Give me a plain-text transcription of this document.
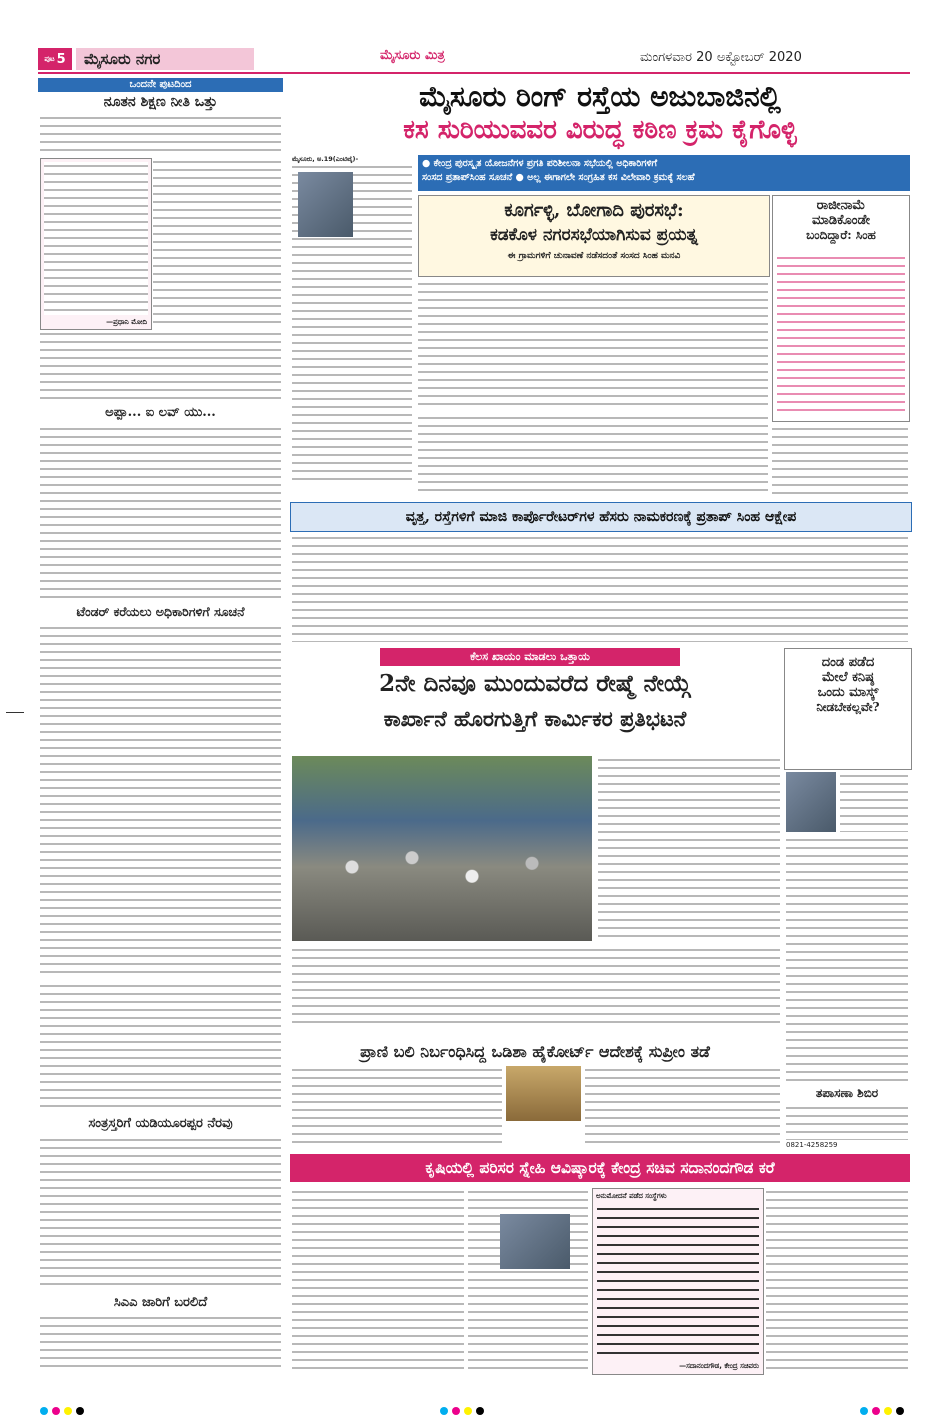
ಪುಟ 5	ಮೈಸೂರು ನಗರ	ಮೈಸೂರು ಮಿತ್ರ	ಮಂಗಳವಾರ 20 ಅಕ್ಟೋಬರ್ 2020
ಒಂದನೇ ಪುಟದಿಂದ
ನೂತನ ಶಿಕ್ಷಣ ನೀತಿ ಒತ್ತು
—ಪ್ರಧಾನಿ ಮೋದಿ
ಅಪ್ಪಾ... ಐ ಲವ್ ಯು...
ಟೆಂಡರ್ ಕರೆಯಲು ಅಧಿಕಾರಿಗಳಿಗೆ ಸೂಚನೆ
ಸಂತ್ರಸ್ತರಿಗೆ ಯಡಿಯೂರಪ್ಪರ ನೆರವು
ಸಿಎಎ ಜಾರಿಗೆ ಬರಲಿದೆ
ಮೈಸೂರು ರಿಂಗ್ ರಸ್ತೆಯ ಅಜುಬಾಜಿನಲ್ಲಿ
ಕಸ ಸುರಿಯುವವರ ವಿರುದ್ಧ ಕಠಿಣ ಕ್ರಮ ಕೈಗೊಳ್ಳಿ
ಮೈಸೂರು, ಅ.19(ಎಂಟಿವೈ)-	● ಕೇಂದ್ರ ಪುರಸ್ಕೃತ ಯೋಜನೆಗಳ ಪ್ರಗತಿ ಪರಿಶೀಲನಾ ಸಭೆಯಲ್ಲಿ ಅಧಿಕಾರಿಗಳಿಗೆ
ಸಂಸದ ಪ್ರತಾಪ್‌ಸಿಂಹ ಸೂಚನೆ ● ಅಲ್ಲ ಈಗಾಗಲೇ ಸಂಗ್ರಹಿತ ಕಸ ವಿಲೇವಾರಿ ಕ್ರಮಕ್ಕೆ ಸಲಹೆ
ಕೂರ್ಗಳ್ಳಿ, ಬೋಗಾದಿ ಪುರಸಭೆ:
ಕಡಕೊಳ ನಗರಸಭೆಯಾಗಿಸುವ ಪ್ರಯತ್ನ
ಈ ಗ್ರಾಮಗಳಿಗೆ ಚುನಾವಣೆ ನಡೆಸದಂತೆ ಸಂಸದ ಸಿಂಹ ಮನವಿ
ರಾಜೀನಾಮೆ
ಮಾಡಿಕೊಂಡೇ
ಬಂದಿದ್ದಾರೆ: ಸಿಂಹ
ವೃತ್ತ, ರಸ್ತೆಗಳಿಗೆ ಮಾಜಿ ಕಾರ್ಪೊರೇಟರ್‌ಗಳ ಹೆಸರು ನಾಮಕರಣಕ್ಕೆ ಪ್ರತಾಪ್ ಸಿಂಹ ಆಕ್ಷೇಪ
ಕೆಲಸ ಖಾಯಂ ಮಾಡಲು ಒತ್ತಾಯ
2ನೇ ದಿನವೂ ಮುಂದುವರೆದ ರೇಷ್ಮೆ ನೇಯ್ಗೆ
ಕಾರ್ಖಾನೆ ಹೊರಗುತ್ತಿಗೆ ಕಾರ್ಮಿಕರ ಪ್ರತಿಭಟನೆ
ದಂಡ ಪಡೆದ
ಮೇಲೆ ಕನಿಷ್ಠ
ಒಂದು ಮಾಸ್ಕ್
ನೀಡಬೇಕಲ್ಲವೇ?
ತಪಾಸಣಾ ಶಿಬಿರ
0821-4258259
ಪ್ರಾಣಿ ಬಲಿ ನಿರ್ಬಂಧಿಸಿದ್ದ ಒಡಿಶಾ ಹೈಕೋರ್ಟ್ ಆದೇಶಕ್ಕೆ ಸುಪ್ರೀಂ ತಡೆ
ಕೃಷಿಯಲ್ಲಿ ಪರಿಸರ ಸ್ನೇಹಿ ಆವಿಷ್ಕಾರಕ್ಕೆ ಕೇಂದ್ರ ಸಚಿವ ಸದಾನಂದಗೌಡ ಕರೆ
ಅನುಮೋದನೆ ಪಡೆದ ಸಂಸ್ಥೆಗಳು
—ಸದಾನಂದಗೌಡ, ಕೇಂದ್ರ ಸಚಿವರು
